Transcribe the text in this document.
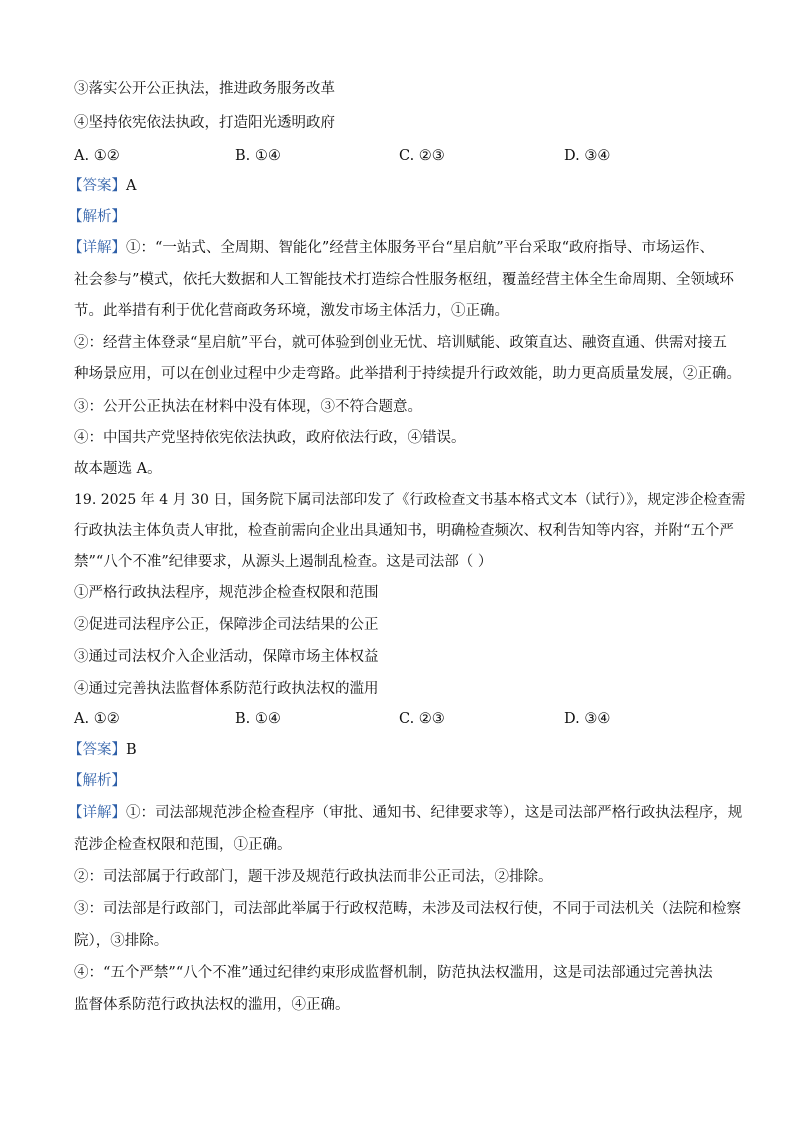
③落实公开公正执法，推进政务服务改革
④坚持依宪依法执政，打造阳光透明政府
A. ①②	B. ①④	C. ②③	D. ③④
【答案】A
【解析】
【详解】①：“一站式、全周期、智能化”经营主体服务平台“星启航”平台采取“政府指导、市场运作、
社会参与”模式，依托大数据和人工智能技术打造综合性服务枢纽，覆盖经营主体全生命周期、全领域环
节。此举措有利于优化营商政务环境，激发市场主体活力，①正确。
②：经营主体登录“星启航”平台，就可体验到创业无忧、培训赋能、政策直达、融资直通、供需对接五
种场景应用，可以在创业过程中少走弯路。此举措利于持续提升行政效能，助力更高质量发展，②正确。
③：公开公正执法在材料中没有体现，③不符合题意。
④：中国共产党坚持依宪依法执政，政府依法行政，④错误。
故本题选 A。
19. 2025 年 4 月 30 日，国务院下属司法部印发了《行政检查文书基本格式文本（试行）》，规定涉企检查需
行政执法主体负责人审批，检查前需向企业出具通知书，明确检查频次、权利告知等内容，并附“五个严
禁”“八个不准”纪律要求，从源头上遏制乱检查。这是司法部（ ）
①严格行政执法程序，规范涉企检查权限和范围
②促进司法程序公正，保障涉企司法结果的公正
③通过司法权介入企业活动，保障市场主体权益
④通过完善执法监督体系防范行政执法权的滥用
A. ①②	B. ①④	C. ②③	D. ③④
【答案】B
【解析】
【详解】①：司法部规范涉企检查程序（审批、通知书、纪律要求等），这是司法部严格行政执法程序，规
范涉企检查权限和范围，①正确。
②：司法部属于行政部门，题干涉及规范行政执法而非公正司法，②排除。
③：司法部是行政部门，司法部此举属于行政权范畴，未涉及司法权行使，不同于司法机关（法院和检察
院），③排除。
④：“五个严禁”“八个不准”通过纪律约束形成监督机制，防范执法权滥用，这是司法部通过完善执法
监督体系防范行政执法权的滥用，④正确。
